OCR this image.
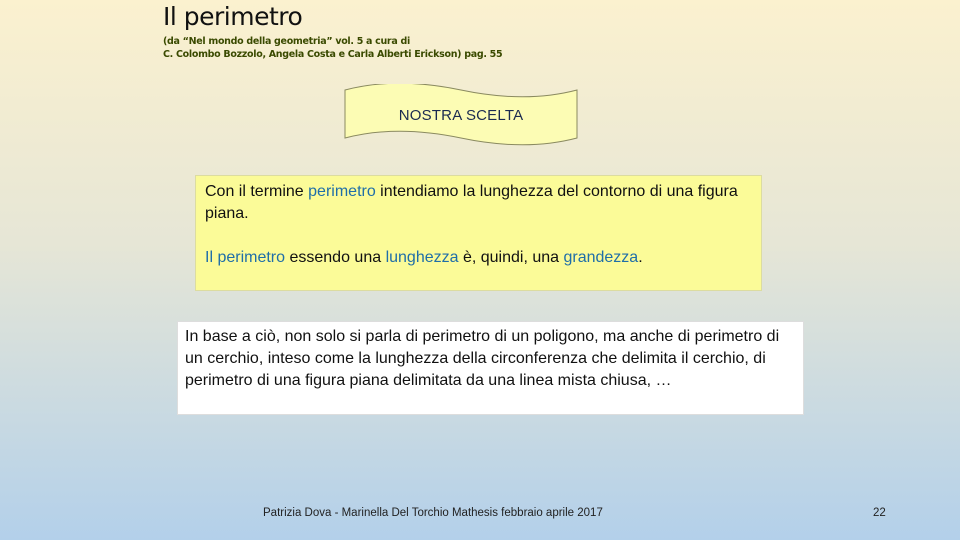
Il perimetro
(da “Nel mondo della geometria” vol. 5 a cura di
C. Colombo Bozzolo, Angela Costa e Carla Alberti Erickson) pag. 55
NOSTRA SCELTA

Con il termine perimetro intendiamo la lunghezza del contorno di una figura piana.

Il perimetro essendo una lunghezza è, quindi, una grandezza.

In base a ciò, non solo si parla di perimetro di un poligono, ma anche di perimetro di un cerchio, inteso come la lunghezza della circonferenza che delimita il cerchio, di perimetro di una figura piana delimitata da una linea mista chiusa, …
Patrizia Dova - Marinella Del Torchio Mathesis febbraio aprile 2017	22
